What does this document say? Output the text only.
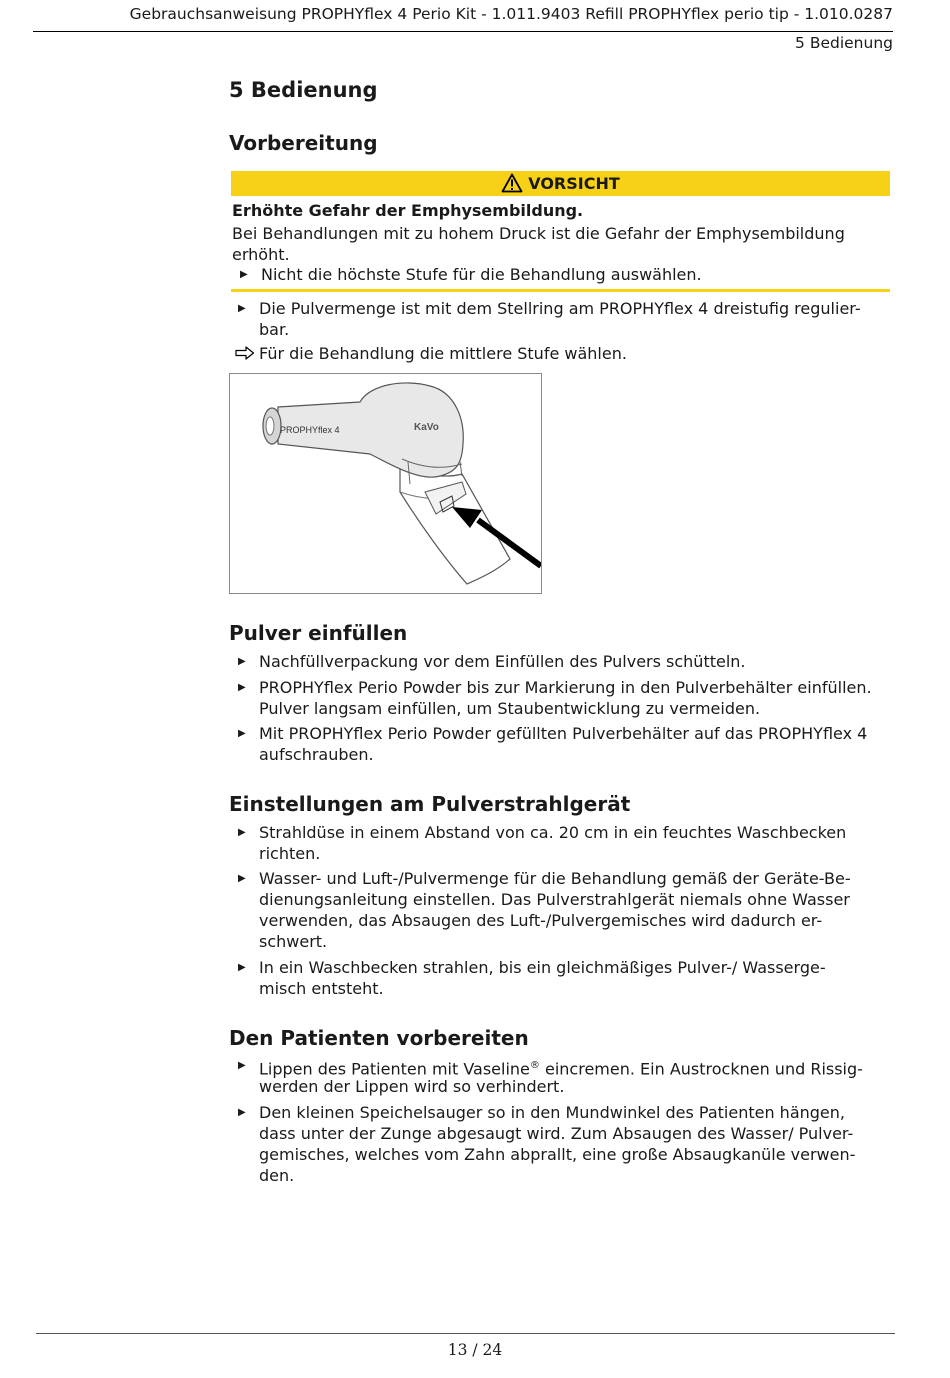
Gebrauchsanweisung PROPHYflex 4 Perio Kit - 1.011.9403 Refill PROPHYflex perio tip - 1.010.0287
5 Bedienung
5 Bedienung
Vorbereitung
VORSICHT
Erhöhte Gefahr der Emphysembildung.
Bei Behandlungen mit zu hohem Druck ist die Gefahr der Emphysembildung
erhöht.
▶ Nicht die höchste Stufe für die Behandlung auswählen.
▶ Die Pulvermenge ist mit dem Stellring am PROPHYflex 4 dreistufig regulier-
bar.
Für die Behandlung die mittlere Stufe wählen.
PROPHYflex 4	KaVo
Pulver einfüllen
▶ Nachfüllverpackung vor dem Einfüllen des Pulvers schütteln.
▶ PROPHYflex Perio Powder bis zur Markierung in den Pulverbehälter einfüllen.
Pulver langsam einfüllen, um Staubentwicklung zu vermeiden.
▶ Mit PROPHYflex Perio Powder gefüllten Pulverbehälter auf das PROPHYflex 4
aufschrauben.
Einstellungen am Pulverstrahlgerät
▶ Strahldüse in einem Abstand von ca. 20 cm in ein feuchtes Waschbecken
richten.
▶ Wasser- und Luft-/Pulvermenge für die Behandlung gemäß der Geräte-Be-
dienungsanleitung einstellen. Das Pulverstrahlgerät niemals ohne Wasser
verwenden, das Absaugen des Luft-/Pulvergemisches wird dadurch er-
schwert.
▶ In ein Waschbecken strahlen, bis ein gleichmäßiges Pulver-/ Wasserge-
misch entsteht.
Den Patienten vorbereiten
▶ Lippen des Patienten mit Vaseline® eincremen. Ein Austrocknen und Rissig-
werden der Lippen wird so verhindert.
▶ Den kleinen Speichelsauger so in den Mundwinkel des Patienten hängen,
dass unter der Zunge abgesaugt wird. Zum Absaugen des Wasser/ Pulver-
gemisches, welches vom Zahn abprallt, eine große Absaugkanüle verwen-
den.
13 / 24
